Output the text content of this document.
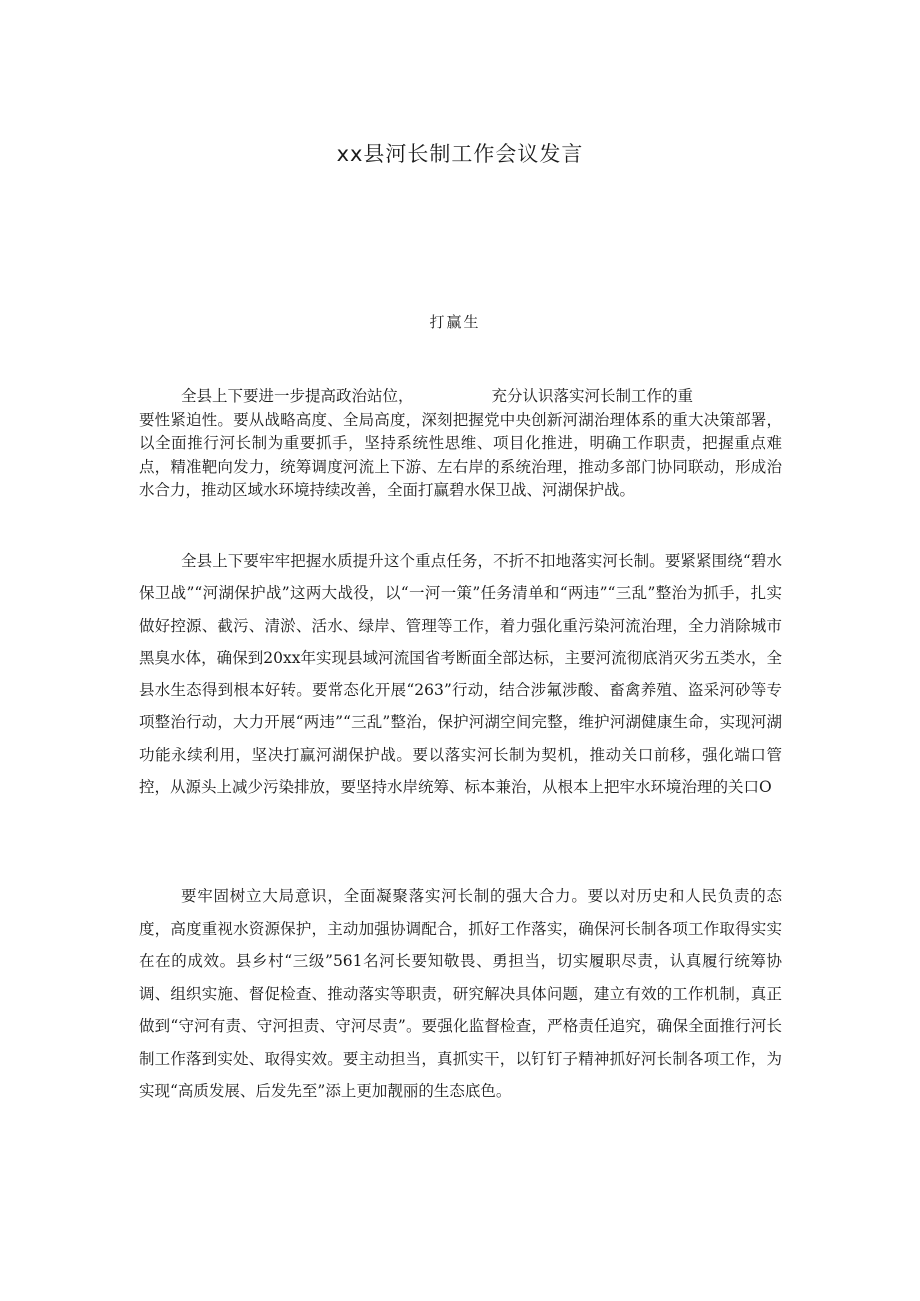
xx县河长制工作会议发言

打赢生

全县上下要进一步提高政治站位，	充分认识落实河长制工作的重
要性紧迫性。要从战略高度、全局高度，深刻把握党中央创新河湖治理体系的重大决策部署，以全面推行河长制为重要抓手，坚持系统性思维、项目化推进，明确工作职责，把握重点难点，精准靶向发力，统筹调度河流上下游、左右岸的系统治理，推动多部门协同联动，形成治水合力，推动区域水环境持续改善，全面打赢碧水保卫战、河湖保护战。

全县上下要牢牢把握水质提升这个重点任务，不折不扣地落实河长制。要紧紧围绕“碧水保卫战”“河湖保护战”这两大战役，以“一河一策”任务清单和“两违”“三乱”整治为抓手，扎实做好控源、截污、清淤、活水、绿岸、管理等工作，着力强化重污染河流治理，全力消除城市黑臭水体，确保到20xx年实现县域河流国省考断面全部达标，主要河流彻底消灭劣五类水，全县水生态得到根本好转。要常态化开展“263”行动，结合涉氟涉酸、畜禽养殖、盗采河砂等专项整治行动，大力开展“两违”“三乱”整治，保护河湖空间完整，维护河湖健康生命，实现河湖功能永续利用，坚决打赢河湖保护战。要以落实河长制为契机，推动关口前移，强化端口管控，从源头上减少污染排放，要坚持水岸统筹、标本兼治，从根本上把牢水环境治理的关口O

要牢固树立大局意识，全面凝聚落实河长制的强大合力。要以对历史和人民负责的态度，高度重视水资源保护，主动加强协调配合，抓好工作落实，确保河长制各项工作取得实实在在的成效。县乡村“三级”561名河长要知敬畏、勇担当，切实履职尽责，认真履行统筹协调、组织实施、督促检查、推动落实等职责，研究解决具体问题，建立有效的工作机制，真正做到“守河有责、守河担责、守河尽责”。要强化监督检查，严格责任追究，确保全面推行河长制工作落到实处、取得实效。要主动担当，真抓实干，以钉钉子精神抓好河长制各项工作，为实现“高质发展、后发先至”添上更加靓丽的生态底色。
